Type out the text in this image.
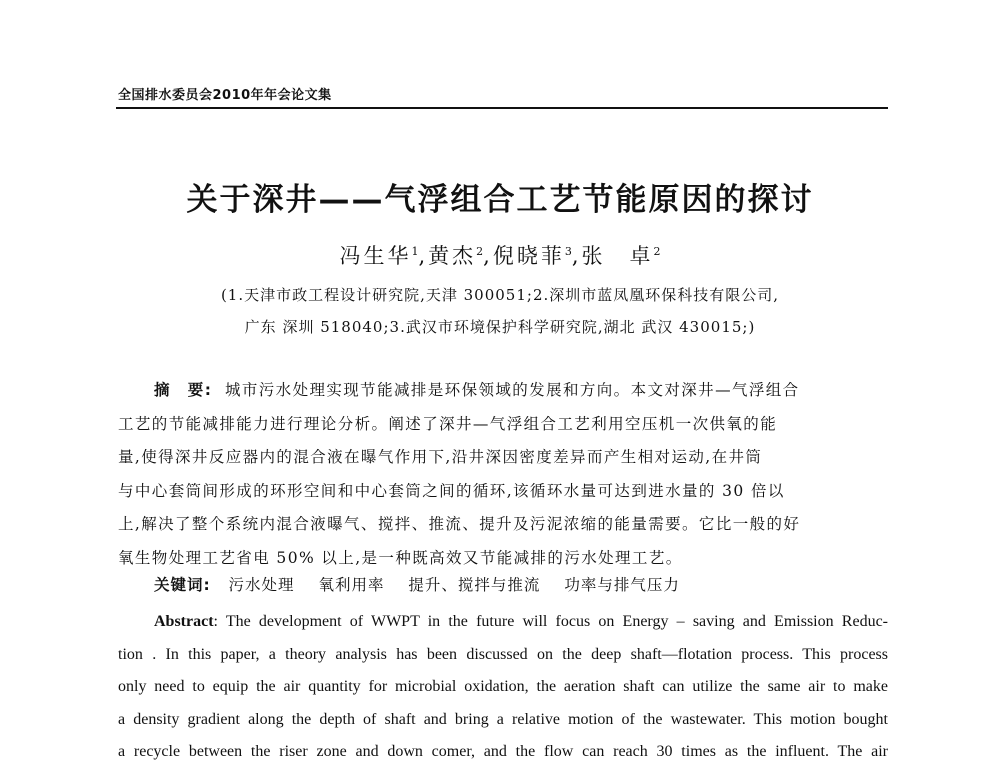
全国排水委员会2010年年会论文集
关于深井——气浮组合工艺节能原因的探讨
冯生华$^1$,黄杰$^2$,倪晓菲$^3$,张　卓$^2$
(1.天津市政工程设计研究院,天津 300051;2.深圳市蓝凤凰环保科技有限公司,
广东 深圳 518040;3.武汉市环境保护科学研究院,湖北 武汉 430015;)
摘　要: 城市污水处理实现节能减排是环保领域的发展和方向。本文对深井—气浮组合
工艺的节能减排能力进行理论分析。阐述了深井—气浮组合工艺利用空压机一次供氧的能
量,使得深井反应器内的混合液在曝气作用下,沿井深因密度差异而产生相对运动,在井筒
与中心套筒间形成的环形空间和中心套筒之间的循环,该循环水量可达到进水量的 30 倍以
上,解决了整个系统内混合液曝气、搅拌、推流、提升及污泥浓缩的能量需要。它比一般的好
氧生物处理工艺省电 50% 以上,是一种既高效又节能减排的污水处理工艺。
关键词: 污水处理 氧利用率 提升、搅拌与推流 功率与排气压力
Abstract: The development of WWPT in the future will focus on Energy – saving and Emission Reduc-
tion . In this paper, a theory analysis has been discussed on the deep shaft—flotation process. This process
only need to equip the air quantity for microbial oxidation, the aeration shaft can utilize the same air to make
a density gradient along the depth of shaft and bring a relative motion of the wastewater. This motion bought
a recycle between the riser zone and down comer, and the flow can reach 30 times as the influent. The air
